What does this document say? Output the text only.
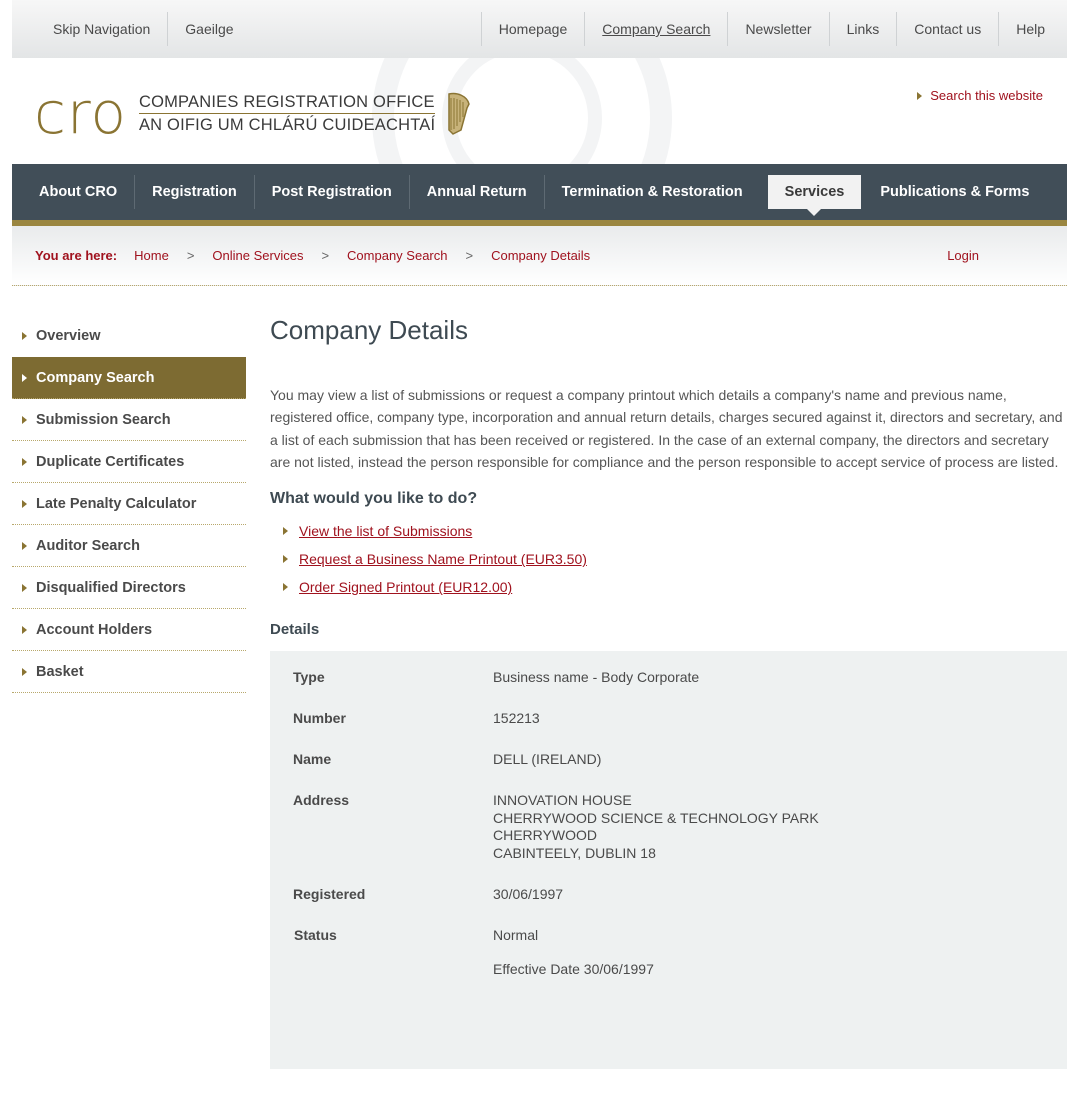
Skip Navigation	Gaeilge	Homepage	Company Search	Newsletter	Links	Contact us	Help
cro COMPANIES REGISTRATION OFFICE
AN OIFIG UM CHLÁRÚ CUIDEACHTAÍ
Search this website
About CRO	Registration	Post Registration	Annual Return	Termination & Restoration	Services	Publications & Forms
You are here: Home > Online Services > Company Search > Company Details	Login
Overview
Company Search
Submission Search
Duplicate Certificates
Late Penalty Calculator
Auditor Search
Disqualified Directors
Account Holders
Basket
Company Details

You may view a list of submissions or request a company printout which details a company's name and previous name, registered office, company type, incorporation and annual return details, charges secured against it, directors and secretary, and a list of each submission that has been received or registered. In the case of an external company, the directors and secretary are not listed, instead the person responsible for compliance and the person responsible to accept service of process are listed.

What would you like to do?
View the list of Submissions
Request a Business Name Printout (EUR3.50)
Order Signed Printout (EUR12.00)
Details
Type	Business name - Body Corporate
Number	152213
Name	DELL (IRELAND)
Address	INNOVATION HOUSE
CHERRYWOOD SCIENCE & TECHNOLOGY PARK
CHERRYWOOD
CABINTEELY, DUBLIN 18
Registered	30/06/1997
Status	Normal
Effective Date 30/06/1997
